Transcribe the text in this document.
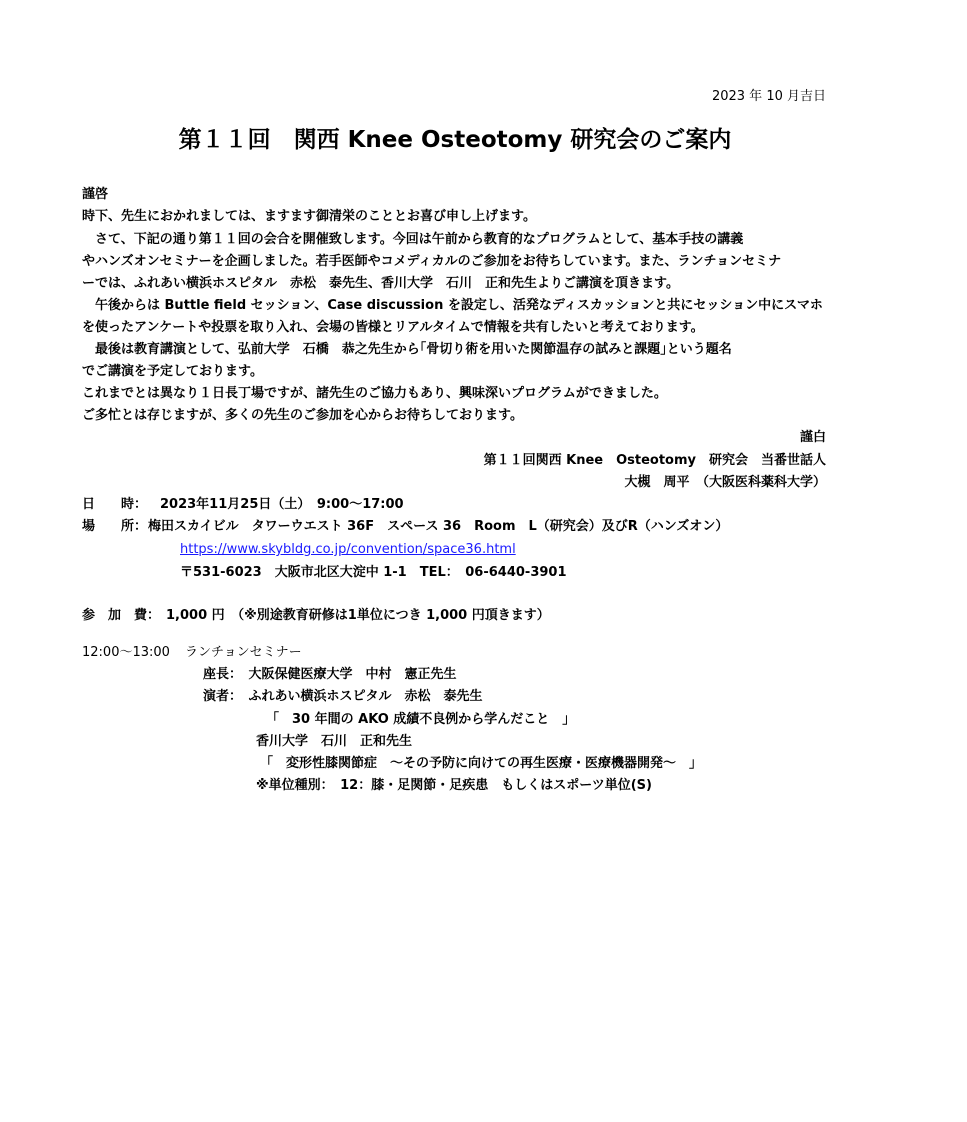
2023 年 10 月吉日
第１１回　関西 Knee Osteotomy 研究会のご案内
謹啓
時下、先生におかれましては、ますます御清栄のこととお喜び申し上げます。
　さて、下記の通り第１１回の会合を開催致します。今回は午前から教育的なプログラムとして、基本手技の講義
やハンズオンセミナーを企画しました。若手医師やコメディカルのご参加をお待ちしています。また、ランチョンセミナ
ーでは、ふれあい横浜ホスピタル　赤松　泰先生、香川大学　石川　正和先生よりご講演を頂きます。
　午後からは Buttle field セッション、Case discussion を設定し、活発なディスカッションと共にセッション中にスマホ
を使ったアンケートや投票を取り入れ、会場の皆様とリアルタイムで情報を共有したいと考えております。
　最後は教育講演として、弘前大学　石橋　恭之先生から｢骨切り術を用いた関節温存の試みと課題｣という題名
でご講演を予定しております。
これまでとは異なり１日長丁場ですが、諸先生のご協力もあり、興味深いプログラムができました。
ご多忙とは存じますが、多くの先生のご参加を心からお待ちしております。
謹白
第１１回関西 Knee　Osteotomy　研究会　当番世話人
大槻　周平　（大阪医科薬科大学）
日　　時： 2023年11月25日（土）　9:00～17:00
場　　所： 梅田スカイビル　タワーウエスト 36F　スペース 36　Room　L（研究会）及びR（ハンズオン）
https://www.skybldg.co.jp/convention/space36.html
〒531-6023　大阪市北区大淀中 1-1　TEL：　06-6440-3901
参　加　費： 1,000 円　（※別途教育研修は1単位につき 1,000 円頂きます）
12:00～13:00 ランチョンセミナー
座長：　大阪保健医療大学　中村　憲正先生
演者：　ふれあい横浜ホスピタル　赤松　泰先生
「　30 年間の AKO 成績不良例から学んだこと　」
香川大学　石川　正和先生
「　変形性膝関節症　～その予防に向けての再生医療・医療機器開発～　」
※単位種別：　12：膝・足関節・足疾患　もしくはスポーツ単位(S)
